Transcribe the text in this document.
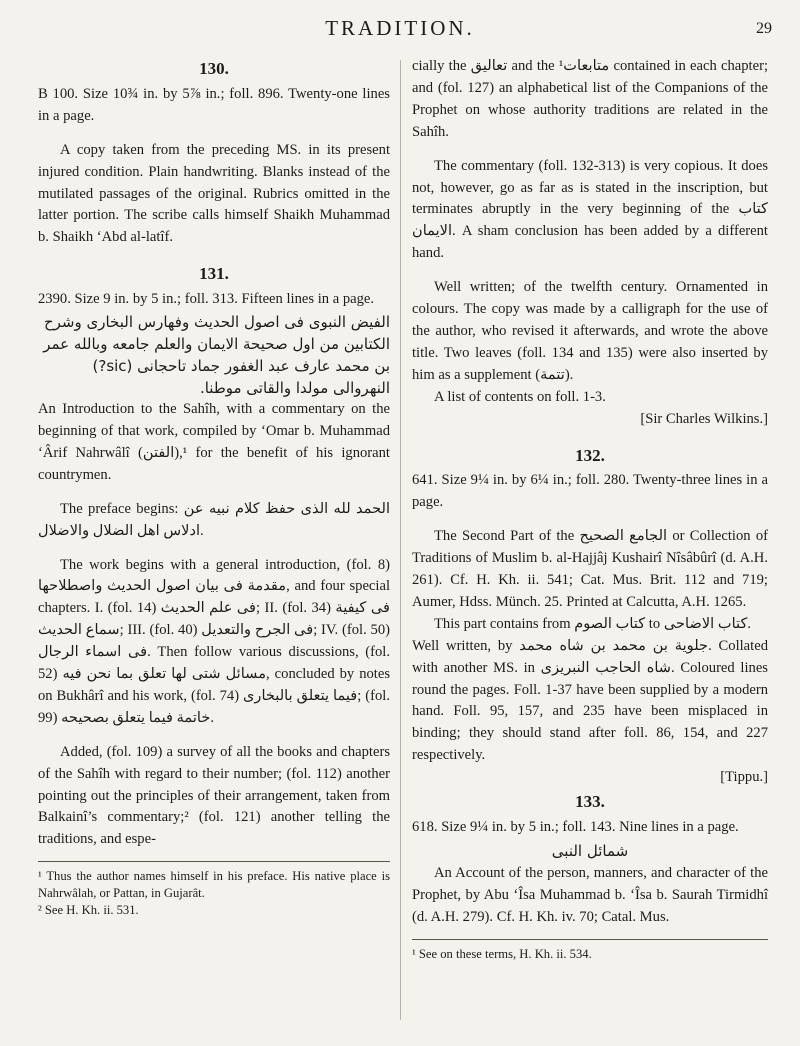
TRADITION.	29
130.

B 100. Size 10¾ in. by 5⅞ in.; foll. 896. Twenty-one lines in a page.

A copy taken from the preceding MS. in its present injured condition. Plain handwriting. Blanks instead of the mutilated passages of the original. Rubrics omitted in the latter portion. The scribe calls himself Shaikh Muhammad b. Shaikh ‘Abd al-latîf.

131.

2390. Size 9 in. by 5 in.; foll. 313. Fifteen lines in a page.

الفيض النبوى فى اصول الحديث وفهارس البخارى وشرح الكتابين من اول صحيحة الايمان والعلم جامعه وبالله عمر بن محمد عارف عبد الغفور جماد تاحجانى (sic?) النهروالى مولدا والقاتى موطنا.

An Introduction to the Sahîh, with a commentary on the beginning of that work, compiled by ‘Omar b. Muhammad ‘Ârif Nahrwâlî (الفتن),¹ for the benefit of his ignorant countrymen.

The preface begins: الحمد لله الذى حفظ كلام نبيه عن ادلاس اهل الضلال والاضلال.

The work begins with a general introduction, (fol. 8) مقدمة فى بيان اصول الحديث واصطلاحها, and four special chapters. I. (fol. 14) فى علم الحديث; II. (fol. 34) فى كيفية سماع الحديث; III. (fol. 40) فى الجرح والتعديل; IV. (fol. 50) فى اسماء الرجال. Then follow various discussions, (fol. 52) مسائل شتى لها تعلق بما نحن فيه, concluded by notes on Bukhârî and his work, (fol. 74) فيما يتعلق بالبخارى; (fol. 99) خاتمة فيما يتعلق بصحيحه.

Added, (fol. 109) a survey of all the books and chapters of the Sahîh with regard to their number; (fol. 112) another pointing out the principles of their arrangement, taken from Balkainî’s commentary;² (fol. 121) another telling the traditions, and espe-

¹ Thus the author names himself in his preface. His native place is Nahrwâlah, or Pattan, in Gujarât.

² See H. Kh. ii. 531.

cially the تعاليق and the متابعات¹ contained in each chapter; and (fol. 127) an alphabetical list of the Companions of the Prophet on whose authority traditions are related in the Sahîh.

The commentary (foll. 132-313) is very copious. It does not, however, go as far as is stated in the inscription, but terminates abruptly in the very beginning of the كتاب الايمان. A sham conclusion has been added by a different hand.

Well written; of the twelfth century. Ornamented in colours. The copy was made by a calligraph for the use of the author, who revised it afterwards, and wrote the above title. Two leaves (foll. 134 and 135) were also inserted by him as a supplement (تتمة).

A list of contents on foll. 1-3.

[Sir Charles Wilkins.]

132.

641. Size 9¼ in. by 6¼ in.; foll. 280. Twenty-three lines in a page.

The Second Part of the الجامع الصحيح or Collection of Traditions of Muslim b. al-Hajjâj Kushairî Nîsâbûrî (d. A.H. 261). Cf. H. Kh. ii. 541; Cat. Mus. Brit. 112 and 719; Aumer, Hdss. Münch. 25. Printed at Calcutta, A.H. 1265.

This part contains from كتاب الصوم to كتاب الاضاحى.

Well written, by جلوية بن محمد بن شاه محمد. Collated with another MS. in شاه الحاجب النبريزى. Coloured lines round the pages. Foll. 1-37 have been supplied by a modern hand. Foll. 95, 157, and 235 have been misplaced in binding; they should stand after foll. 86, 154, and 227 respectively.

[Tippu.]

133.

618. Size 9¼ in. by 5 in.; foll. 143. Nine lines in a page.

شمائل النبى

An Account of the person, manners, and character of the Prophet, by Abu ‘Îsa Muhammad b. ‘Îsa b. Saurah Tirmidhî (d. A.H. 279). Cf. H. Kh. iv. 70; Catal. Mus.

¹ See on these terms, H. Kh. ii. 534.
